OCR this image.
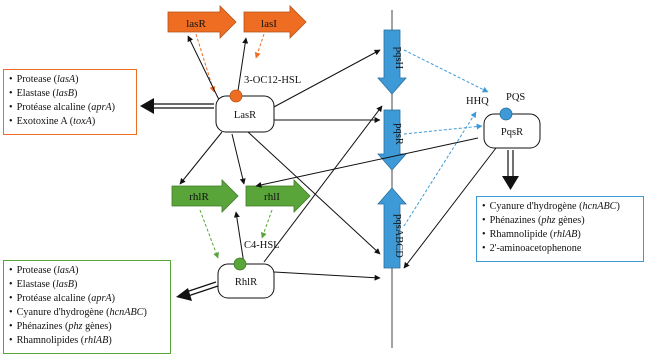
lasR	lasI
rhlR	rhlI
pqsH
pqsR
pqsABCD
LasR
3-OC12-HSL
RhlR
C4-HSL
PqsR
HHQ PQS
• Protease (lasA)
• Elastase (lasB)
• Protéase alcaline (aprA)
• Exotoxine A (toxA)
• Protease (lasA)
• Elastase (lasB)
• Protéase alcaline (aprA)
• Cyanure d'hydrogène (hcnABC)
• Phénazines (phz gènes)
• Rhamnolipides (rhlAB)
• Cyanure d'hydrogène (hcnABC)
• Phénazines (phz gènes)
• Rhamnolipide (rhlAB)
• 2'-aminoacetophenone
